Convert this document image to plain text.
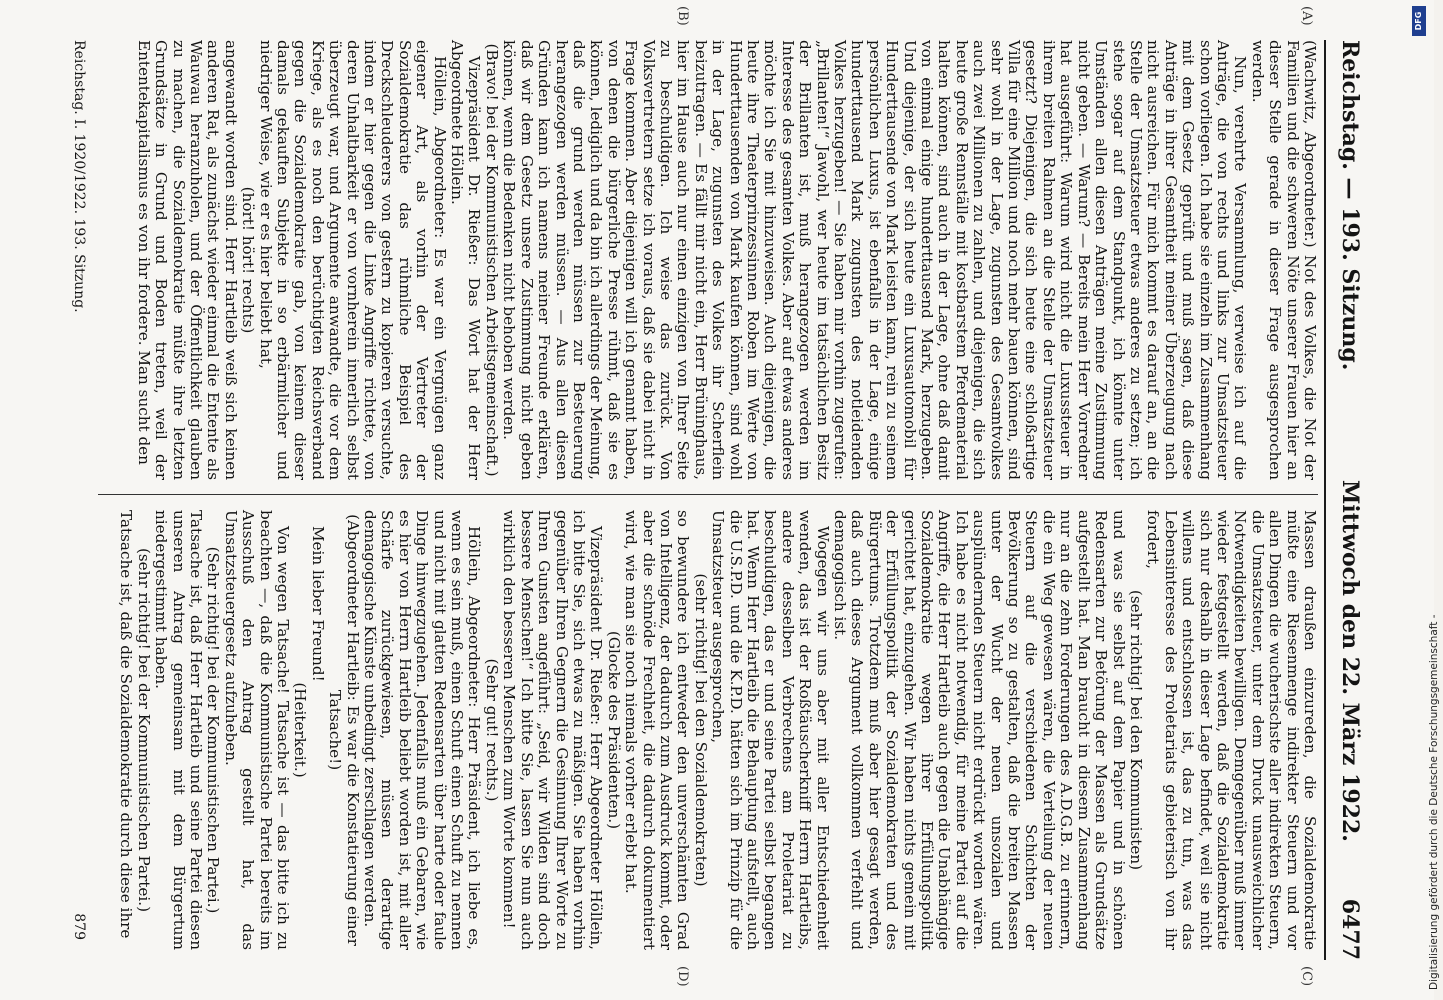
Reichstag. — 193. Sitzung.
Mittwoch den 22. März 1922.
6477

(Wachwitz, Abgeordneter.) Not des Volkes, die Not der Familien und die schweren Nöte unserer Frauen hier an dieser Stelle gerade in dieser Frage ausgesprochen werden.

Nun, verehrte Versammlung, verweise ich auf die Anträge, die von rechts und links zur Umsatzsteuer schon vorliegen. Ich habe sie einzeln im Zusammenhang mit dem Gesetz geprüft und muß sagen, daß diese Anträge in ihrer Gesamtheit meiner Überzeugung nach nicht ausreichen. Für mich kommt es darauf an, an die Stelle der Umsatzsteuer etwas anderes zu setzen; ich stehe sogar auf dem Standpunkt, ich könnte unter Umständen allen diesen Anträgen meine Zustimmung nicht geben. — Warum? — Bereits mein Herr Vorredner hat ausgeführt: Warum wird nicht die Luxussteuer in ihrem breiten Rahmen an die Stelle der Umsatzsteuer gesetzt? Diejenigen, die sich heute eine schloßartige Villa für eine Million und noch mehr bauen können, sind sehr wohl in der Lage, zugunsten des Gesamtvolkes auch zwei Millionen zu zahlen, und diejenigen, die sich heute große Rennställe mit kostbarstem Pferdematerial halten können, sind auch in der Lage, ohne daß damit von einmal einige hunderttausend Mark, herzugeben. Und diejenige, der sich heute ein Luxusautomobil für Hunderttausende von Mark leisten kann, rein zu seinem persönlichen Luxus, ist ebenfalls in der Lage, einige hunderttausend Mark zugunsten des notleidenden Volkes herzugeben! — Sie haben mir vorhin zugerufen: „Brillanten!“ Jawohl, wer heute im tatsächlichen Besitz der Brillanten ist, muß herangezogen werden im Interesse des gesamten Volkes. Aber auf etwas anderes möchte ich Sie mit hinzuweisen. Auch diejenigen, die heute ihre Theaterprinzessinnen Roben im Werte von Hunderttausenden von Mark kaufen können, sind wohl in der Lage, zugunsten des Volkes ihr Scherflein beizutragen. — Es fällt mir nicht ein, Herr Brüninghaus, hier im Hause auch nur einen einzigen von Ihrer Seite zu beschuldigen. Ich weise das zurück. Von Volksvertretern setze ich voraus, daß sie dabei nicht in Frage kommen. Aber diejenigen will ich genannt haben, von denen die bürgerliche Presse rühmt, daß sie es können, lediglich und da bin ich allerdings der Meinung, daß die grund werden müssen zur Besteuerung herangezogen werden müssen. — Aus allen diesen Gründen kann ich namens meiner Freunde erklären, daß wir dem Gesetz unsere Zustimmung nicht geben können, wenn die Bedenken nicht behoben werden.

(Bravo! bei der Kommunistischen Arbeitsgemeinschaft.)

Vizepräsident Dr. Rießer: Das Wort hat der Herr Abgeordnete Höllein.

Höllein, Abgeordneter: Es war ein Vergnügen ganz eigener Art, als vorhin der Vertreter der Sozialdemokratie das rühmliche Beispiel des Dreckschleuderers von gestern zu kopieren versuchte, indem er hier gegen die Linke Angriffe richtete, von deren Unhaltbarkeit er von vornherein innerlich selbst überzeugt war, und Argumente anwandte, die vor dem Kriege, als es noch den berüchtigten Reichsverband gegen die Sozialdemokratie gab, von keinem dieser damals gekauften Subjekte in so erbärmlicher und niedriger Weise, wie er es hier beliebt hat,

(hört! hört! rechts)

angewandt worden sind. Herr Hartleib weiß sich keinen anderen Rat, als zunächst wieder einmal die Entente als Wauwau heranzuholen, und der Öffentlichkeit glauben zu machen, die Sozialdemokratie müßte ihre letzten Grundsätze in Grund und Boden treten, weil der Ententekapitalismus es von ihr fordere. Man sucht den

Massen draußen einzureden, die Sozialdemokratie müßte eine Riesenmenge indirekter Steuern und vor allen Dingen die wucherischste aller indirekten Steuern, die Umsatzsteuer, unter dem Druck unausweichlicher Notwendigkeiten bewilligen. Demgegenüber muß immer wieder festgestellt werden, daß die Sozialdemokratie sich nur deshalb in dieser Lage befindet, weil sie nicht willens und entschlossen ist, das zu tun, was das Lebensinteresse des Proletariats gebieterisch von ihr fordert,

(sehr richtig! bei den Kommunisten)

und was sie selbst auf dem Papier und in schönen Redensarten zur Betörung der Massen als Grundsätze aufgestellt hat. Man braucht in diesem Zusammenhang nur an die zehn Forderungen des A.D.G.B. zu erinnern, die ein Weg gewesen wären, die Verteilung der neuen Steuern auf die verschiedenen Schichten der Bevölkerung so zu gestalten, daß die breiten Massen unter der Wucht der neuen unsozialen und ausplündernden Steuern nicht erdrückt worden wären. Ich habe es nicht notwendig, für meine Partei auf die Angriffe, die Herr Hartleib auch gegen die Unabhängige Sozialdemokratie wegen ihrer Erfüllungspolitik gerichtet hat, einzugehen. Wir haben nichts gemein mit der Erfüllungspolitik der Sozialdemokraten und des Bürgertums. Trotzdem muß aber hier gesagt werden, daß auch dieses Argument vollkommen verfehlt und demagogisch ist.

Wogegen wir uns aber mit aller Entschiedenheit wenden, das ist der Roßtäuscherkniff Herrn Hartleibs, andere desselben Verbrechens am Proletariat zu beschuldigen, das er und seine Partei selbst begangen hat. Wenn Herr Hartleib die Behauptung aufstellt, auch die U.S.P.D. und die K.P.D. hätten sich im Prinzip für die Umsatzsteuer ausgesprochen,

(sehr richtig! bei den Sozialdemokraten)

so bewundere ich entweder den unverschämten Grad von Intelligenz, der dadurch zum Ausdruck kommt, oder aber die schnöde Frechheit, die dadurch dokumentiert wird, wie man sie noch niemals vorher erlebt hat.

(Glocke des Präsidenten.)

Vizepräsident Dr. Rießer: Herr Abgeordneter Höllein, ich bitte Sie, sich etwas zu mäßigen. Sie haben vorhin gegenüber Ihren Gegnern die Gesinnung Ihrer Worte zu Ihren Gunsten angeführt: „Seid, wir Wilden sind doch bessere Menschen!“ Ich bitte Sie, lassen Sie nun auch wirklich den besseren Menschen zum Worte kommen!

(Sehr gut! rechts.)

Höllein, Abgeordneter: Herr Präsident, ich liebe es, wenn es sein muß, einen Schuft einen Schuft zu nennen und nicht mit glatten Redensarten über harte oder faule Dinge hinwegzugehen. Jedenfalls muß ein Gebaren, wie es hier von Herrn Hartleib beliebt worden ist, mit aller Schärfe zurückgewiesen, müssen derartige demagogische Künste unbedingt zerschlagen werden.

(Abgeordneter Hartleib: Es war die Konstatierung einer Tatsache!)

Mein lieber Freund!

(Heiterkeit.)

Von wegen Tatsache! Tatsache ist — das bitte ich zu beachten —, daß die Kommunistische Partei bereits im Ausschuß den Antrag gestellt hat, das Umsatzsteuergesetz aufzuheben.

(Sehr richtig! bei der Kommunistischen Partei.)

Tatsache ist, daß Herr Hartleib und seine Partei diesen unseren Antrag gemeinsam mit dem Bürgertum niedergestimmt haben.

(sehr richtig! bei der Kommunistischen Partei.)

Tatsache ist, daß die Sozialdemokratie durch diese ihre

(A)
(B)
(C)
(D)
Reichstag. I. 1920/1922. 193. Sitzung.
879
DFG
Digitalisierung gefördert durch die Deutsche Forschungsgemeinschaft -
